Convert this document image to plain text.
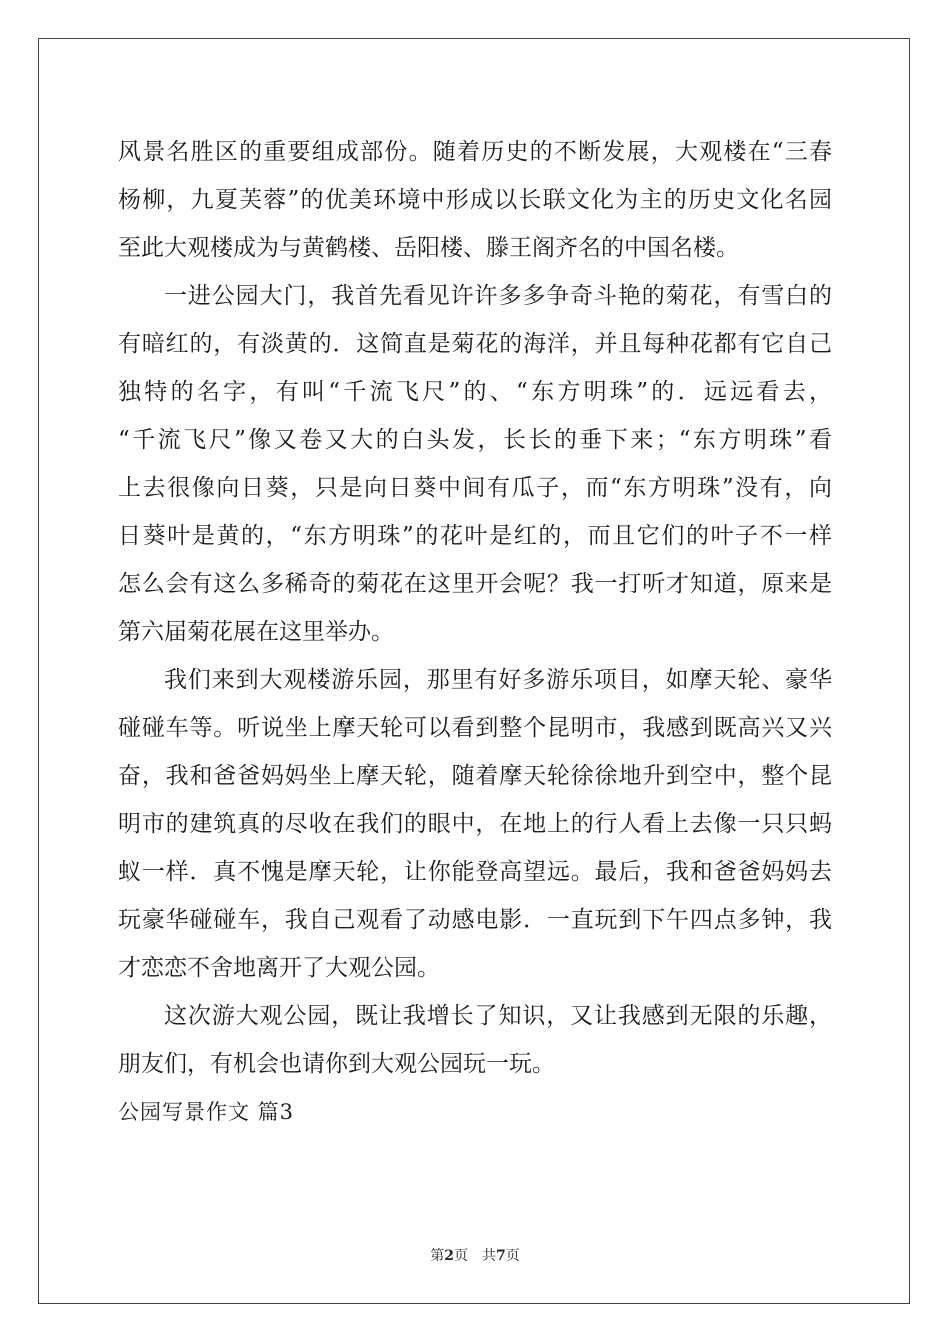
风景名胜区的重要组成部份。随着历史的不断发展，大观楼在“三春
杨柳，九夏芙蓉”的优美环境中形成以长联文化为主的历史文化名园
至此大观楼成为与黄鹤楼、岳阳楼、滕王阁齐名的中国名楼。
一进公园大门，我首先看见许许多多争奇斗艳的菊花，有雪白的
有暗红的，有淡黄的．这简直是菊花的海洋，并且每种花都有它自己
独特的名字，有叫“千流飞尺”的、“东方明珠”的．远远看去，
“千流飞尺”像又卷又大的白头发，长长的垂下来；“东方明珠”看
上去很像向日葵，只是向日葵中间有瓜子，而“东方明珠”没有，向
日葵叶是黄的，“东方明珠”的花叶是红的，而且它们的叶子不一样
怎么会有这么多稀奇的菊花在这里开会呢？我一打听才知道，原来是
第六届菊花展在这里举办。
我们来到大观楼游乐园，那里有好多游乐项目，如摩天轮、豪华
碰碰车等。听说坐上摩天轮可以看到整个昆明市，我感到既高兴又兴
奋，我和爸爸妈妈坐上摩天轮，随着摩天轮徐徐地升到空中，整个昆
明市的建筑真的尽收在我们的眼中，在地上的行人看上去像一只只蚂
蚁一样．真不愧是摩天轮，让你能登高望远。最后，我和爸爸妈妈去
玩豪华碰碰车，我自己观看了动感电影．一直玩到下午四点多钟，我
才恋恋不舍地离开了大观公园。
这次游大观公园，既让我增长了知识，又让我感到无限的乐趣，
朋友们，有机会也请你到大观公园玩一玩。
公园写景作文 篇3
第2页　共7页
